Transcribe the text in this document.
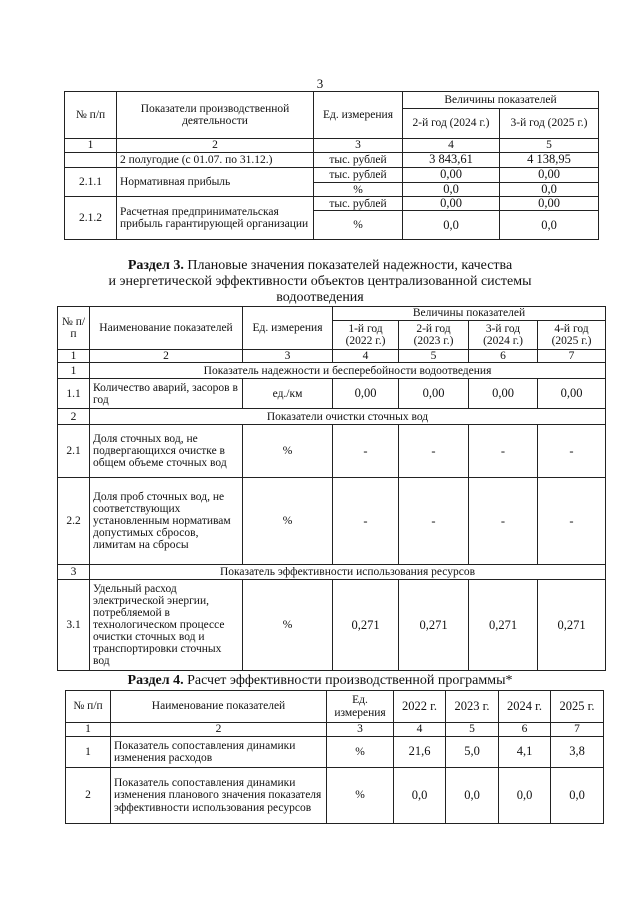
3
№ п/п	Показатели производственной деятельности	Ед. измерения	Величины показателей	
			2-й год (2024 г.)	3-й год (2025 г.)
1	2	3	4	5
	2 полугодие (с 01.07. по 31.12.)	тыс. рублей	3 843,61	4 138,95
2.1.1	Нормативная прибыль	тыс. рублей	0,00	0,00
		%	0,0	0,0
2.1.2	Расчетная предпринимательская прибыль гарантирующей организации	тыс. рублей	0,00	0,00
		%	0,0	0,0
Раздел 3. Плановые значения показателей надежности, качества
и энергетической эффективности объектов централизованной системы
водоотведения
№ п/п	Наименование показателей	Ед. измерения	Величины показателей			
			1-й год (2022 г.)	2-й год (2023 г.)	3-й год (2024 г.)	4-й год (2025 г.)
1	2	3	4	5	6	7
1	Показатель надежности и бесперебойности водоотведения					
1.1	Количество аварий, засоров в год	ед./км	0,00	0,00	0,00	0,00
2	Показатели очистки сточных вод					
2.1	Доля сточных вод, не подвергающихся очистке в общем объеме сточных вод	%	-	-	-	-
2.2	Доля проб сточных вод, не соответствующих установленным нормативам допустимых сбросов, лимитам на сбросы	%	-	-	-	-
3	Показатель эффективности использования ресурсов					
3.1	Удельный расход электрической энергии, потребляемой в технологическом процессе очистки сточных вод и транспортировки сточных вод	%	0,271	0,271	0,271	0,271
Раздел 4. Расчет эффективности производственной программы*
№ п/п	Наименование показателей	Ед. измерения	2022 г.	2023 г.	2024 г.	2025 г.
1	2	3	4	5	6	7
1	Показатель сопоставления динамики изменения расходов	%	21,6	5,0	4,1	3,8
2	Показатель сопоставления динамики изменения планового значения показателя эффективности использования ресурсов	%	0,0	0,0	0,0	0,0
